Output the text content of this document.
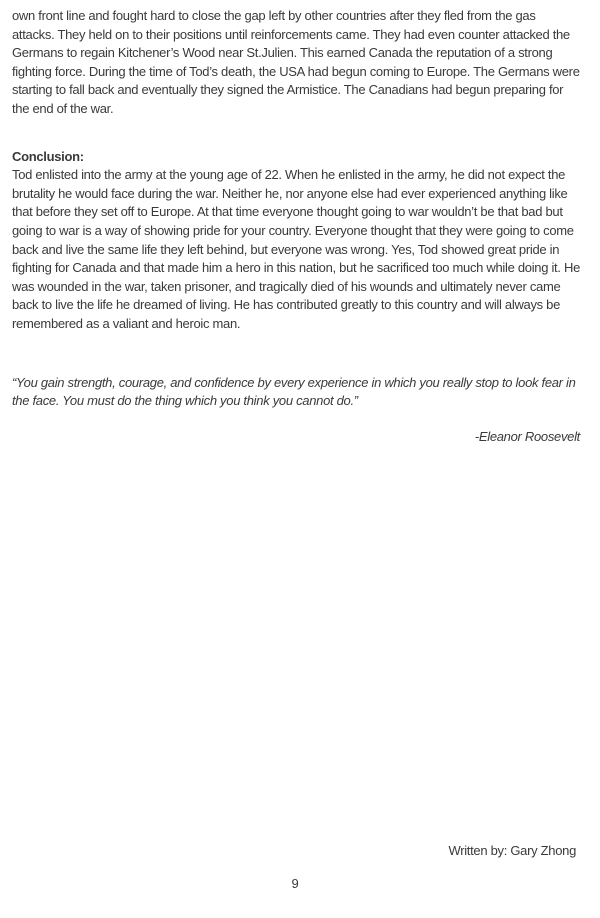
own front line and fought hard to close the gap left by other countries after they fled from the gas attacks. They held on to their positions until reinforcements came. They had even counter attacked the Germans to regain Kitchener’s Wood near St.Julien. This earned Canada the reputation of a strong fighting force. During the time of Tod’s death, the USA had begun coming to Europe. The Germans were starting to fall back and eventually they signed the Armistice. The Canadians had begun preparing for the end of the war.

Conclusion:

Tod enlisted into the army at the young age of 22. When he enlisted in the army, he did not expect the brutality he would face during the war. Neither he, nor anyone else had ever experienced anything like that before they set off to Europe. At that time everyone thought going to war wouldn’t be that bad but going to war is a way of showing pride for your country. Everyone thought that they were going to come back and live the same life they left behind, but everyone was wrong. Yes, Tod showed great pride in fighting for Canada and that made him a hero in this nation, but he sacrificed too much while doing it. He was wounded in the war, taken prisoner, and tragically died of his wounds and ultimately never came back to live the life he dreamed of living. He has contributed greatly to this country and will always be remembered as a valiant and heroic man.

“You gain strength, courage, and confidence by every experience in which you really stop to look fear in the face. You must do the thing which you think you cannot do.”

-Eleanor Roosevelt

Written by: Gary Zhong
9
